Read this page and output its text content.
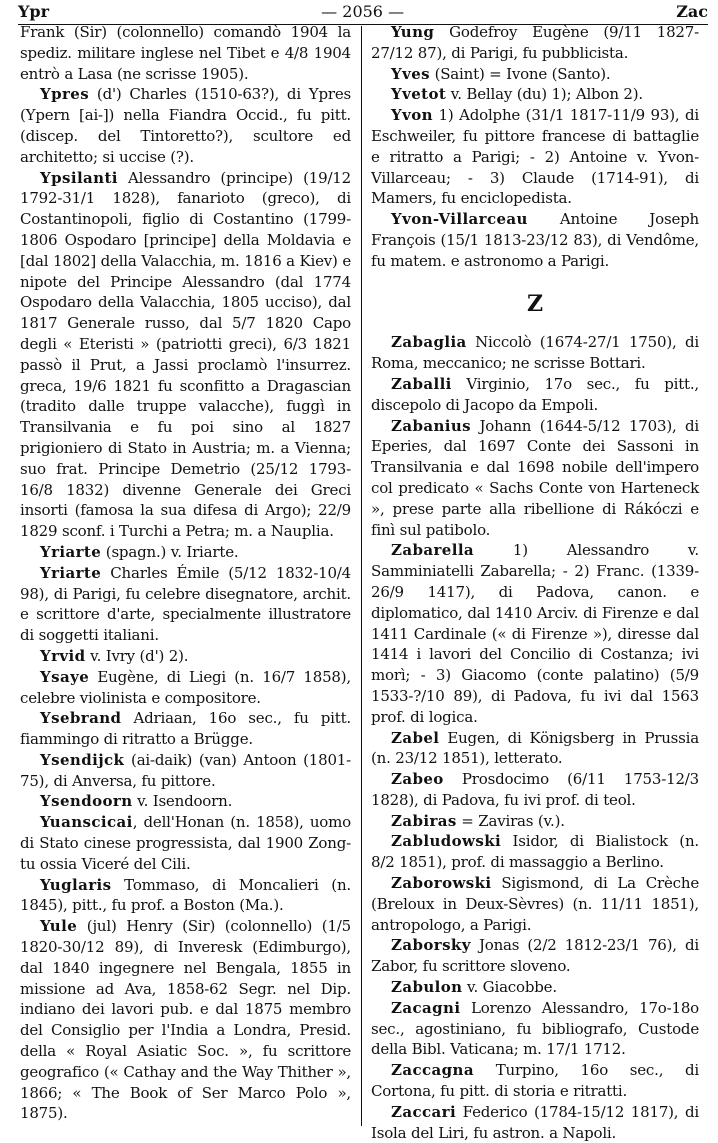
Ypr	— 2056 —	Zac

Frank (Sir) (colonnello) comandò 1904 la spediz. militare inglese nel Tibet e 4/8 1904 entrò a Lasa (ne scrisse 1905).

Ypres (d') Charles (1510-63?), di Ypres (Ypern [ai-]) nella Fiandra Occid., fu pitt. (discep. del Tintoretto?), scultore ed architetto; si uccise (?).

Ypsilanti Alessandro (principe) (19/12 1792-31/1 1828), fanarioto (greco), di Costantinopoli, figlio di Costantino (1799-1806 Ospodaro [principe] della Moldavia e [dal 1802] della Valacchia, m. 1816 a Kiev) e nipote del Principe Alessandro (dal 1774 Ospodaro della Valacchia, 1805 ucciso), dal 1817 Generale russo, dal 5/7 1820 Capo degli « Eteristi » (patriotti greci), 6/3 1821 passò il Prut, a Jassi proclamò l'insurrez. greca, 19/6 1821 fu sconfitto a Dragascian (tradito dalle truppe valacche), fuggì in Transilvania e fu poi sino al 1827 prigioniero di Stato in Austria; m. a Vienna; suo frat. Principe Demetrio (25/12 1793-16/8 1832) divenne Generale dei Greci insorti (famosa la sua difesa di Argo); 22/9 1829 sconf. i Turchi a Petra; m. a Nauplia.

Yriarte (spagn.) v. Iriarte.

Yriarte Charles Émile (5/12 1832-10/4 98), di Parigi, fu celebre disegnatore, archit. e scrittore d'arte, specialmente illustratore di soggetti italiani.

Yrvid v. Ivry (d') 2).

Ysaye Eugène, di Liegi (n. 16/7 1858), celebre violinista e compositore.

Ysebrand Adriaan, 16o sec., fu pitt. fiammingo di ritratto a Brügge.

Ysendijck (ai-daik) (van) Antoon (1801-75), di Anversa, fu pittore.

Ysendoorn v. Isendoorn.

Yuanscicai, dell'Honan (n. 1858), uomo di Stato cinese progressista, dal 1900 Zong-tu ossia Viceré del Cili.

Yuglaris Tommaso, di Moncalieri (n. 1845), pitt., fu prof. a Boston (Ma.).

Yule (jul) Henry (Sir) (colonnello) (1/5 1820-30/12 89), di Inveresk (Edimburgo), dal 1840 ingegnere nel Bengala, 1855 in missione ad Ava, 1858-62 Segr. nel Dip. indiano dei lavori pub. e dal 1875 membro del Consiglio per l'India a Londra, Presid. della « Royal Asiatic Soc. », fu scrittore geografico (« Cathay and the Way Thither », 1866; « The Book of Ser Marco Polo », 1875).

Yung Godefroy Eugène (9/11 1827-27/12 87), di Parigi, fu pubblicista.

Yves (Saint) = Ivone (Santo).

Yvetot v. Bellay (du) 1); Albon 2).

Yvon 1) Adolphe (31/1 1817-11/9 93), di Eschweiler, fu pittore francese di battaglie e ritratto a Parigi; - 2) Antoine v. Yvon-Villarceau; - 3) Claude (1714-91), di Mamers, fu enciclopedista.

Yvon-Villarceau Antoine Joseph François (15/1 1813-23/12 83), di Vendôme, fu matem. e astronomo a Parigi.

Z

Zabaglia Niccolò (1674-27/1 1750), di Roma, meccanico; ne scrisse Bottari.

Zaballi Virginio, 17o sec., fu pitt., discepolo di Jacopo da Empoli.

Zabanius Johann (1644-5/12 1703), di Eperies, dal 1697 Conte dei Sassoni in Transilvania e dal 1698 nobile dell'impero col predicato « Sachs Conte von Harteneck », prese parte alla ribellione di Rákóczi e finì sul patibolo.

Zabarella 1) Alessandro v. Samminiatelli Zabarella; - 2) Franc. (1339-26/9 1417), di Padova, canon. e diplomatico, dal 1410 Arciv. di Firenze e dal 1411 Cardinale (« di Firenze »), diresse dal 1414 i lavori del Concilio di Costanza; ivi morì; - 3) Giacomo (conte palatino) (5/9 1533-?/10 89), di Padova, fu ivi dal 1563 prof. di logica.

Zabel Eugen, di Königsberg in Prussia (n. 23/12 1851), letterato.

Zabeo Prosdocimo (6/11 1753-12/3 1828), di Padova, fu ivi prof. di teol.

Zabiras = Zaviras (v.).

Zabludowski Isidor, di Bialistock (n. 8/2 1851), prof. di massaggio a Berlino.

Zaborowski Sigismond, di La Crèche (Breloux in Deux-Sèvres) (n. 11/11 1851), antropologo, a Parigi.

Zaborsky Jonas (2/2 1812-23/1 76), di Zabor, fu scrittore sloveno.

Zabulon v. Giacobbe.

Zacagni Lorenzo Alessandro, 17o-18o sec., agostiniano, fu bibliografo, Custode della Bibl. Vaticana; m. 17/1 1712.

Zaccagna Turpino, 16o sec., di Cortona, fu pitt. di storia e ritratti.

Zaccari Federico (1784-15/12 1817), di Isola del Liri, fu astron. a Napoli.
